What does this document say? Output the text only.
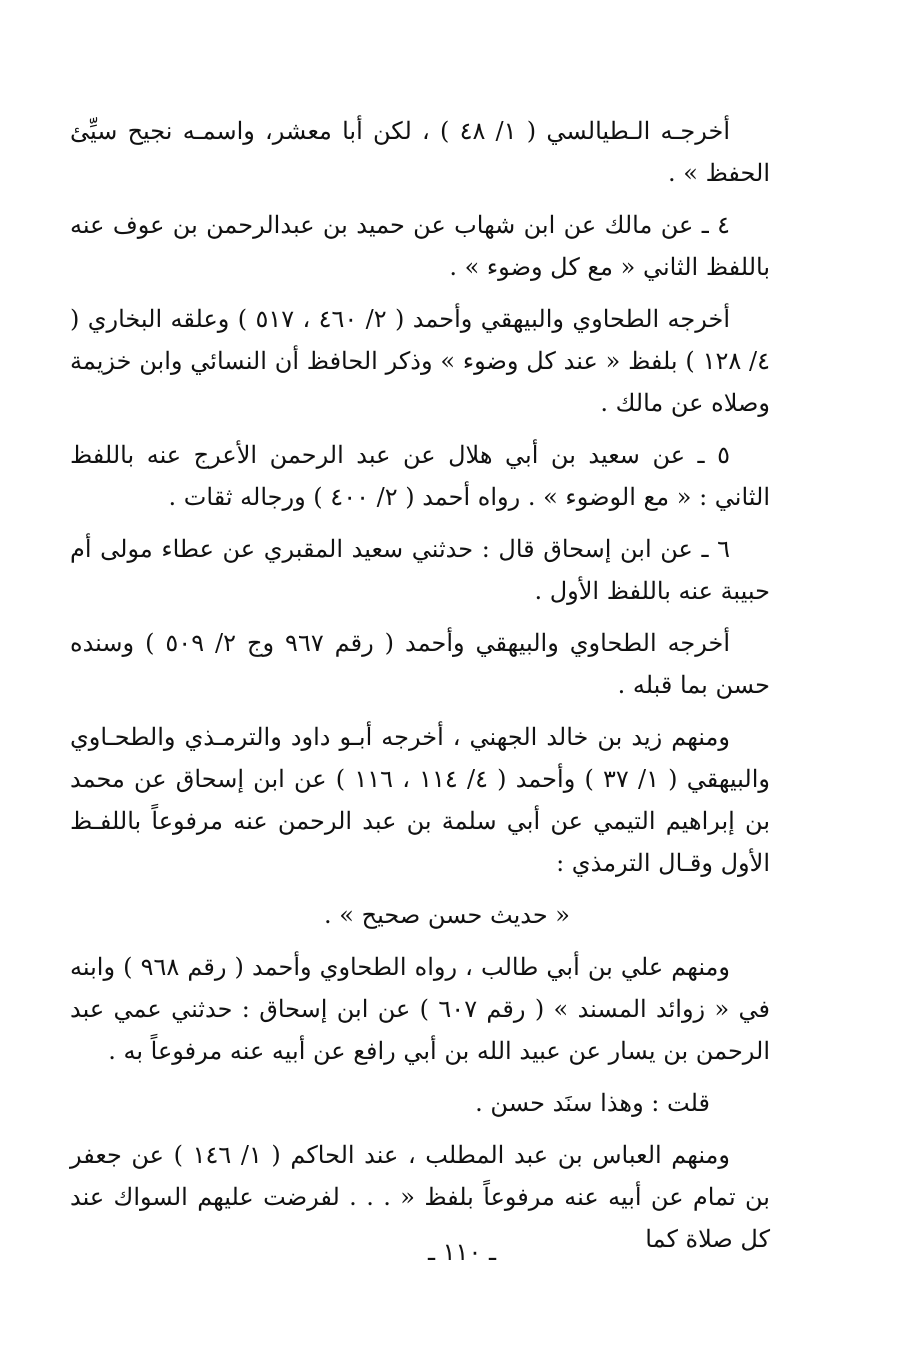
أخرجـه الـطيالسي ( ١/ ٤٨ ) ، لكن أبا معشر، واسمـه نجيح سيِّئ الحفظ » .

٤ ـ عن مالك عن ابن شهاب عن حميد بن عبدالرحمن بن عوف عنه باللفظ الثاني « مع كل وضوء » .

أخرجه الطحاوي والبيهقي وأحمد ( ٢/ ٤٦٠ ، ٥١٧ ) وعلقه البخاري ( ٤/ ١٢٨ ) بلفظ « عند كل وضوء » وذكر الحافظ أن النسائي وابن خزيمة وصلاه عن مالك .

٥ ـ عن سعيد بن أبي هلال عن عبد الرحمن الأعرج عنه باللفظ الثاني : « مع الوضوء » . رواه أحمد ( ٢/ ٤٠٠ ) ورجاله ثقات .

٦ ـ عن ابن إسحاق قال : حدثني سعيد المقبري عن عطاء مولى أم حبيبة عنه باللفظ الأول .

أخرجه الطحاوي والبيهقي وأحمد ( رقم ٩٦٧ وج ٢/ ٥٠٩ ) وسنده حسن بما قبله .

ومنهم زيد بن خالد الجهني ، أخرجه أبـو داود والترمـذي والطحـاوي والبيهقي ( ١/ ٣٧ ) وأحمد ( ٤/ ١١٤ ، ١١٦ ) عن ابن إسحاق عن محمد بن إبراهيم التيمي عن أبي سلمة بن عبد الرحمن عنه مرفوعاً باللفـظ الأول وقـال الترمذي :

« حديث حسن صحيح » .

ومنهم علي بن أبي طالب ، رواه الطحاوي وأحمد ( رقم ٩٦٨ ) وابنه في « زوائد المسند » ( رقم ٦٠٧ ) عن ابن إسحاق : حدثني عمي عبد الرحمن بن يسار عن عبيد الله بن أبي رافع عن أبيه عنه مرفوعاً به .

قلت : وهذا سنَد حسن .

ومنهم العباس بن عبد المطلب ، عند الحاكم ( ١/ ١٤٦ ) عن جعفر بن تمام عن أبيه عنه مرفوعاً بلفظ « . . . لفرضت عليهم السواك عند كل صلاة كما

ـ ١١٠ ـ
